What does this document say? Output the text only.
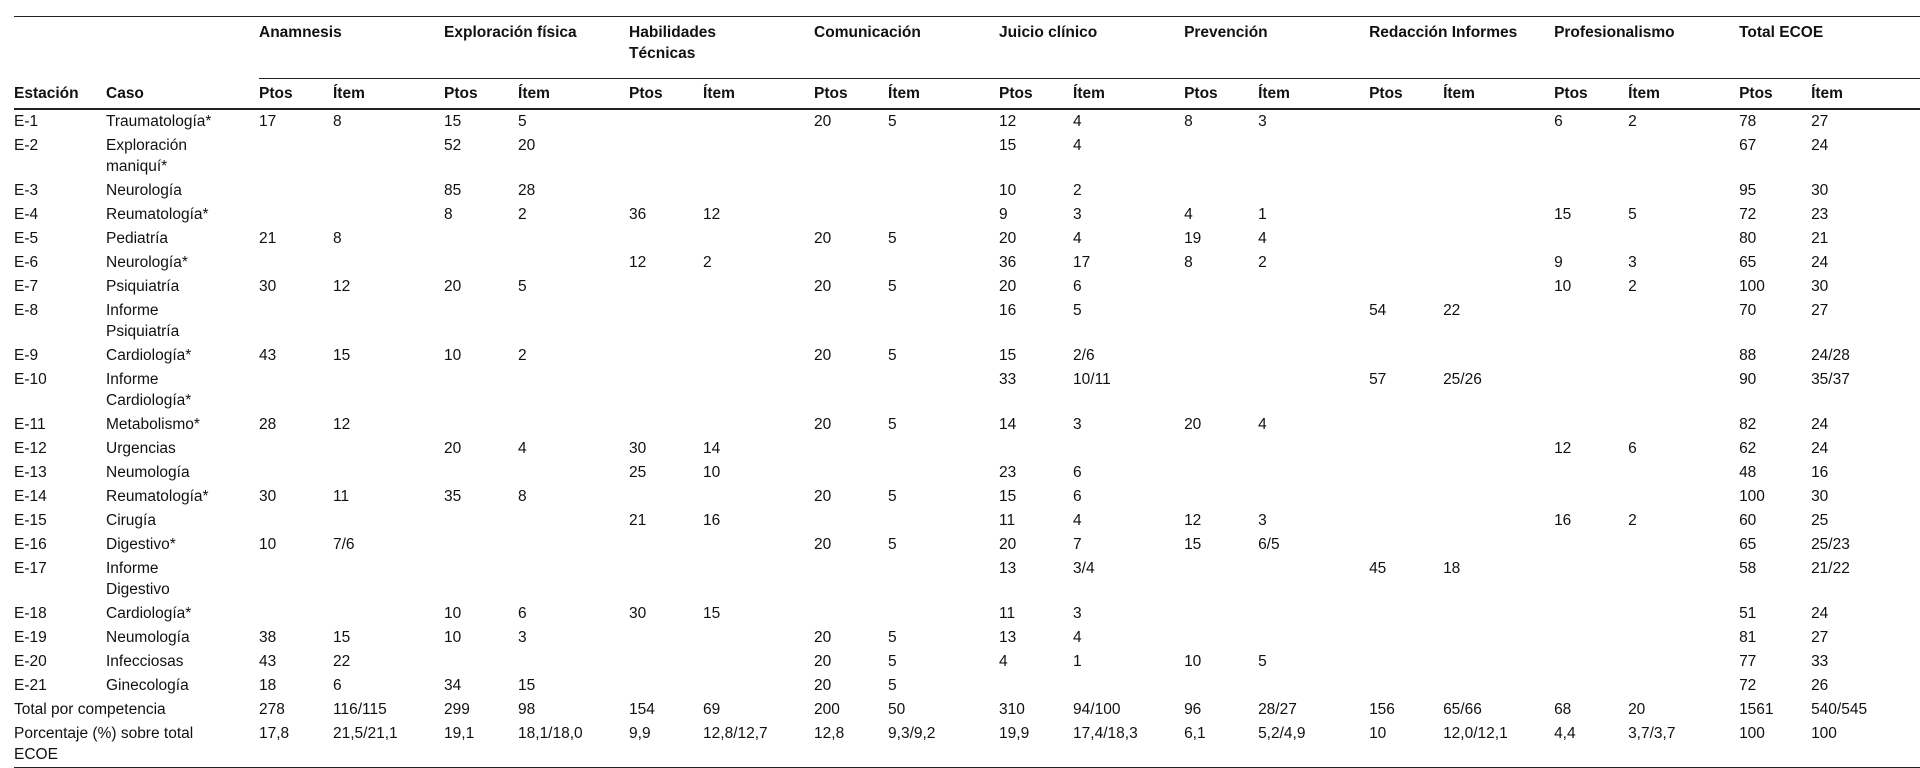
		Anamnesis		Exploración física		Habilidades Técnicas		Comunicación		Juicio clínico		Prevención		Redacción Informes		Profesionalismo		Total ECOE	
Estación	Caso	Ptos	Ítem	Ptos	Ítem	Ptos	Ítem	Ptos	Ítem	Ptos	Ítem	Ptos	Ítem	Ptos	Ítem	Ptos	Ítem	Ptos	Ítem
E-1	Traumatología*	17	8	15	5			20	5	12	4	8	3			6	2	78	27
E-2	Exploración maniquí*			52	20					15	4							67	24
E-3	Neurología			85	28					10	2							95	30
E-4	Reumatología*			8	2	36	12			9	3	4	1			15	5	72	23
E-5	Pediatría	21	8					20	5	20	4	19	4					80	21
E-6	Neurología*					12	2			36	17	8	2			9	3	65	24
E-7	Psiquiatría	30	12	20	5			20	5	20	6					10	2	100	30
E-8	Informe Psiquiatría									16	5			54	22			70	27
E-9	Cardiología*	43	15	10	2			20	5	15	2/6							88	24/28
E-10	Informe Cardiología*									33	10/11			57	25/26			90	35/37
E-11	Metabolismo*	28	12					20	5	14	3	20	4					82	24
E-12	Urgencias			20	4	30	14									12	6	62	24
E-13	Neumología					25	10			23	6							48	16
E-14	Reumatología*	30	11	35	8			20	5	15	6							100	30
E-15	Cirugía					21	16			11	4	12	3			16	2	60	25
E-16	Digestivo*	10	7/6					20	5	20	7	15	6/5					65	25/23
E-17	Informe Digestivo									13	3/4			45	18			58	21/22
E-18	Cardiología*			10	6	30	15			11	3							51	24
E-19	Neumología	38	15	10	3			20	5	13	4							81	27
E-20	Infecciosas	43	22					20	5	4	1	10	5					77	33
E-21	Ginecología	18	6	34	15			20	5									72	26
Total por competencia		278	116/115	299	98	154	69	200	50	310	94/100	96	28/27	156	65/66	68	20	1561	540/545
Porcentaje (%) sobre total ECOE		17,8	21,5/21,1	19,1	18,1/18,0	9,9	12,8/12,7	12,8	9,3/9,2	19,9	17,4/18,3	6,1	5,2/4,9	10	12,0/12,1	4,4	3,7/3,7	100	100
